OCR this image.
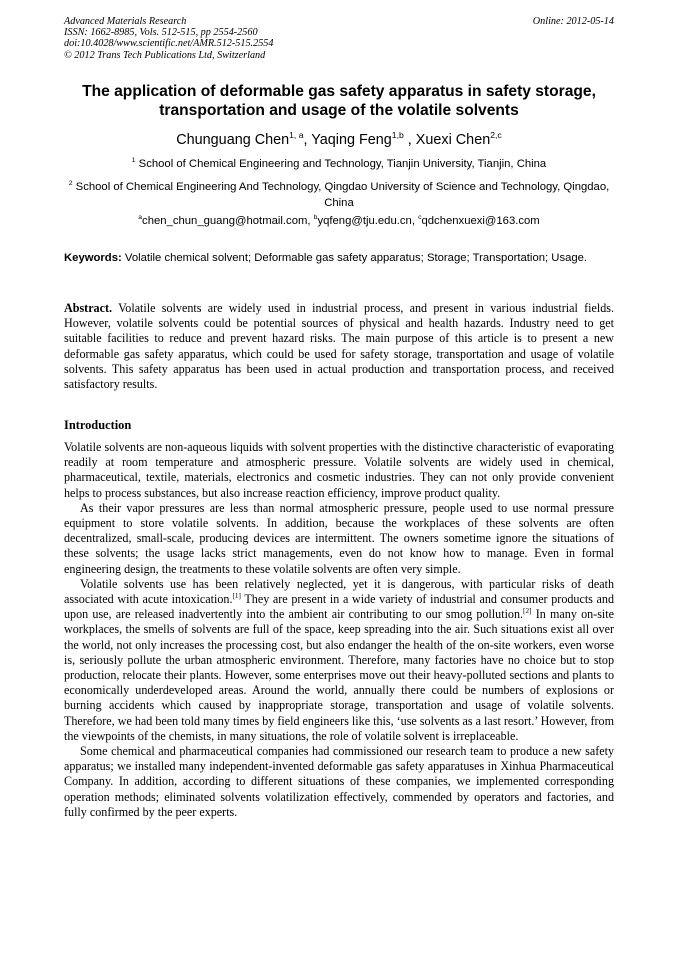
Advanced Materials Research
ISSN: 1662-8985, Vols. 512-515, pp 2554-2560
doi:10.4028/www.scientific.net/AMR.512-515.2554
© 2012 Trans Tech Publications Ltd, Switzerland
Online: 2012-05-14
The application of deformable gas safety apparatus in safety storage, transportation and usage of the volatile solvents
Chunguang Chen$^{1, a}$, Yaqing Feng$^{1,b}$ , Xuexi Chen$^{2,c}$
$^1$ School of Chemical Engineering and Technology, Tianjin University, Tianjin, China
$^2$ School of Chemical Engineering And Technology, Qingdao University of Science and Technology, Qingdao, China
$^a$chen_chun_guang@hotmail.com, $^b$yqfeng@tju.edu.cn, $^c$qdchenxuexi@163.com
Keywords: Volatile chemical solvent; Deformable gas safety apparatus; Storage; Transportation; Usage.
Abstract. Volatile solvents are widely used in industrial process, and present in various industrial fields. However, volatile solvents could be potential sources of physical and health hazards. Industry need to get suitable facilities to reduce and prevent hazard risks. The main purpose of this article is to present a new deformable gas safety apparatus, which could be used for safety storage, transportation and usage of volatile solvents. This safety apparatus has been used in actual production and transportation process, and received satisfactory results.
Introduction

Volatile solvents are non-aqueous liquids with solvent properties with the distinctive characteristic of evaporating readily at room temperature and atmospheric pressure. Volatile solvents are widely used in chemical, pharmaceutical, textile, materials, electronics and cosmetic industries. They can not only provide convenient helps to process substances, but also increase reaction efficiency, improve product quality.

As their vapor pressures are less than normal atmospheric pressure, people used to use normal pressure equipment to store volatile solvents. In addition, because the workplaces of these solvents are often decentralized, small-scale, producing devices are intermittent. The owners sometime ignore the situations of these solvents; the usage lacks strict managements, even do not know how to manage. Even in formal engineering design, the treatments to these volatile solvents are often very simple.

Volatile solvents use has been relatively neglected, yet it is dangerous, with particular risks of death associated with acute intoxication.[1] They are present in a wide variety of industrial and consumer products and upon use, are released inadvertently into the ambient air contributing to our smog pollution.[2] In many on-site workplaces, the smells of solvents are full of the space, keep spreading into the air. Such situations exist all over the world, not only increases the processing cost, but also endanger the health of the on-site workers, even worse is, seriously pollute the urban atmospheric environment. Therefore, many factories have no choice but to stop production, relocate their plants. However, some enterprises move out their heavy-polluted sections and plants to economically underdeveloped areas. Around the world, annually there could be numbers of explosions or burning accidents which caused by inappropriate storage, transportation and usage of volatile solvents. Therefore, we had been told many times by field engineers like this, ‘use solvents as a last resort.’ However, from the viewpoints of the chemists, in many situations, the role of volatile solvent is irreplaceable.

Some chemical and pharmaceutical companies had commissioned our research team to produce a new safety apparatus; we installed many independent-invented deformable gas safety apparatuses in Xinhua Pharmaceutical Company. In addition, according to different situations of these companies, we implemented corresponding operation methods; eliminated solvents volatilization effectively, commended by operators and factories, and fully confirmed by the peer experts.
